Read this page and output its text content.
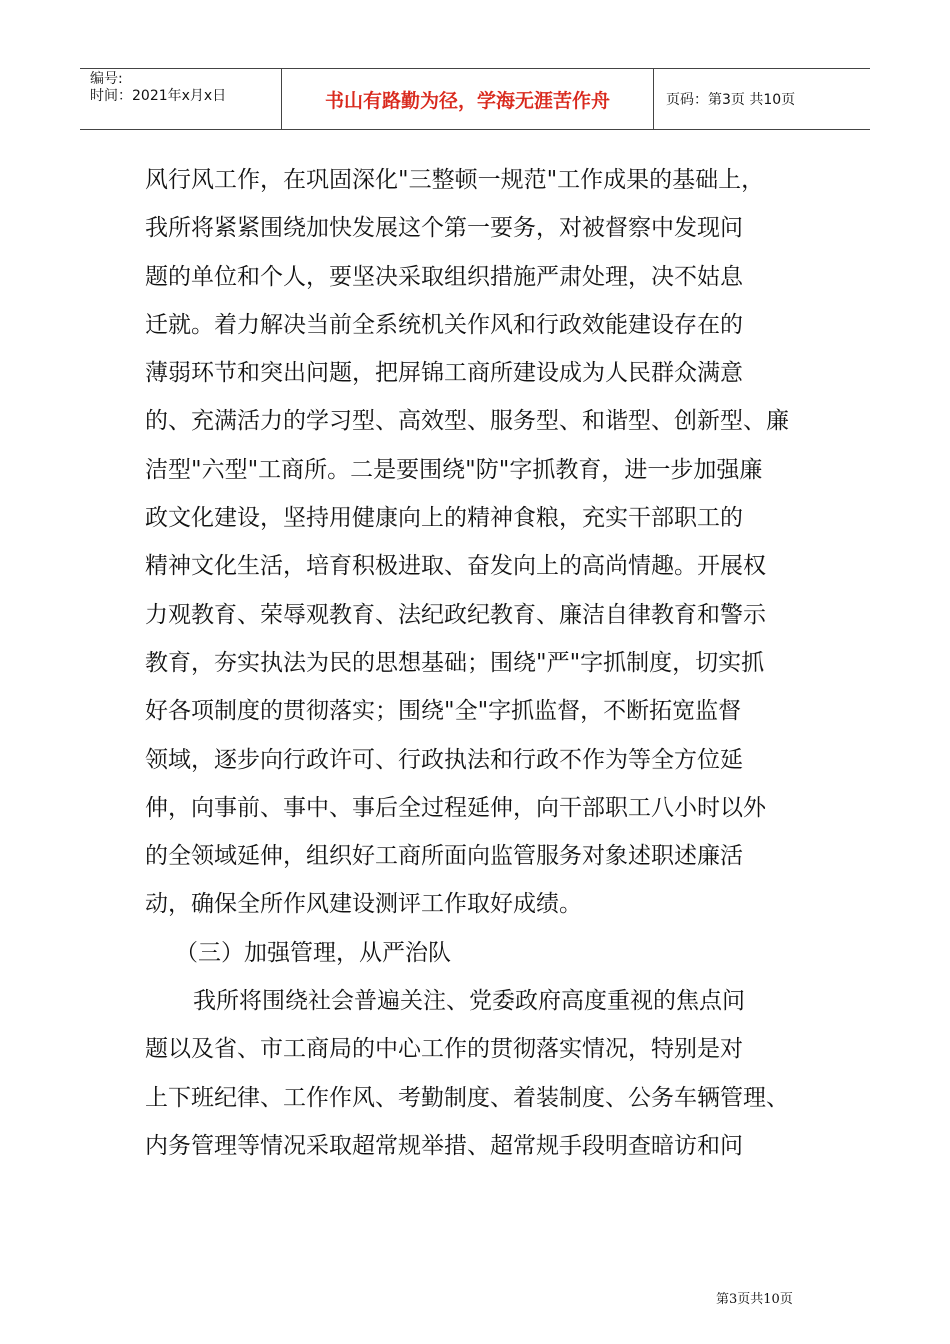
编号:
时间：2021年x月x日	书山有路勤为径，学海无涯苦作舟	页码：第3页 共10页
风行风工作，在巩固深化"三整顿一规范"工作成果的基础上，
我所将紧紧围绕加快发展这个第一要务，对被督察中发现问
题的单位和个人，要坚决采取组织措施严肃处理，决不姑息
迁就。着力解决当前全系统机关作风和行政效能建设存在的
薄弱环节和突出问题，把屏锦工商所建设成为人民群众满意
的、充满活力的学习型、高效型、服务型、和谐型、创新型、廉
洁型"六型"工商所。二是要围绕"防"字抓教育，进一步加强廉
政文化建设，坚持用健康向上的精神食粮，充实干部职工的
精神文化生活，培育积极进取、奋发向上的高尚情趣。开展权
力观教育、荣辱观教育、法纪政纪教育、廉洁自律教育和警示
教育，夯实执法为民的思想基础；围绕"严"字抓制度，切实抓
好各项制度的贯彻落实；围绕"全"字抓监督，不断拓宽监督
领域，逐步向行政许可、行政执法和行政不作为等全方位延
伸，向事前、事中、事后全过程延伸，向干部职工八小时以外
的全领域延伸，组织好工商所面向监管服务对象述职述廉活
动，确保全所作风建设测评工作取好成绩。
（三）加强管理，从严治队
我所将围绕社会普遍关注、党委政府高度重视的焦点问
题以及省、市工商局的中心工作的贯彻落实情况，特别是对
上下班纪律、工作作风、考勤制度、着装制度、公务车辆管理、
内务管理等情况采取超常规举措、超常规手段明查暗访和问
第3页共10页
